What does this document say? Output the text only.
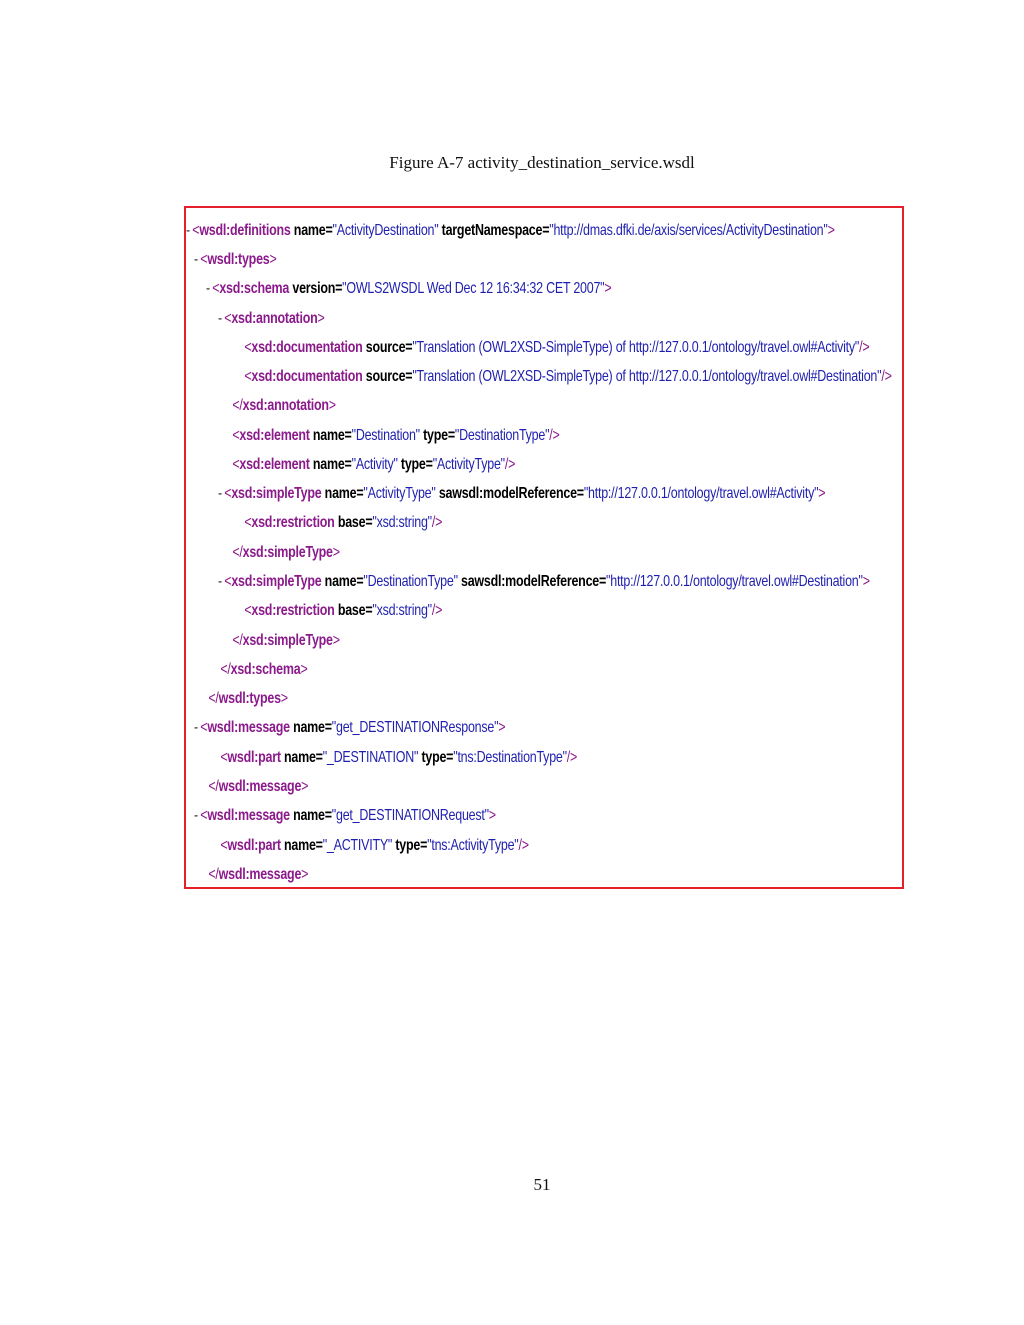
Figure A-7 activity_destination_service.wsdl
- <wsdl:definitions name="ActivityDestination" targetNamespace="http://dmas.dfki.de/axis/services/ActivityDestination">
- <wsdl:types>
- <xsd:schema version="OWLS2WSDL Wed Dec 12 16:34:32 CET 2007">
- <xsd:annotation>
<xsd:documentation source="Translation (OWL2XSD-SimpleType) of http://127.0.0.1/ontology/travel.owl#Activity"/>
<xsd:documentation source="Translation (OWL2XSD-SimpleType) of http://127.0.0.1/ontology/travel.owl#Destination"/>
</xsd:annotation>
<xsd:element name="Destination" type="DestinationType"/>
<xsd:element name="Activity" type="ActivityType"/>
- <xsd:simpleType name="ActivityType" sawsdl:modelReference="http://127.0.0.1/ontology/travel.owl#Activity">
<xsd:restriction base="xsd:string"/>
</xsd:simpleType>
- <xsd:simpleType name="DestinationType" sawsdl:modelReference="http://127.0.0.1/ontology/travel.owl#Destination">
<xsd:restriction base="xsd:string"/>
</xsd:simpleType>
</xsd:schema>
</wsdl:types>
- <wsdl:message name="get_DESTINATIONResponse">
<wsdl:part name="_DESTINATION" type="tns:DestinationType"/>
</wsdl:message>
- <wsdl:message name="get_DESTINATIONRequest">
<wsdl:part name="_ACTIVITY" type="tns:ActivityType"/>
</wsdl:message>
51
